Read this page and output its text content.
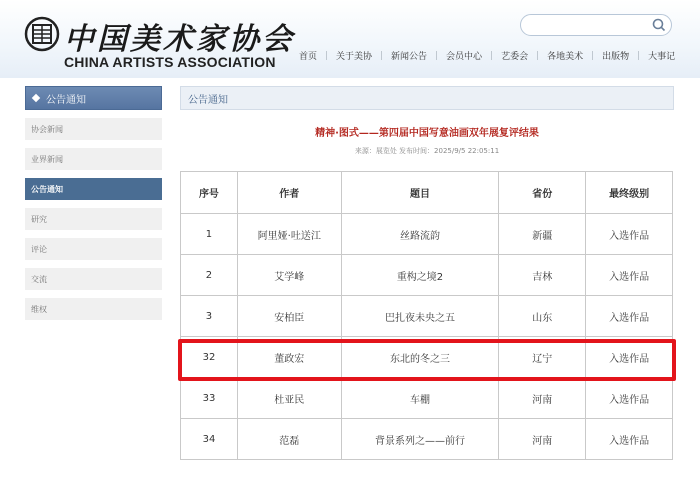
中国美术家协会
CHINA ARTISTS ASSOCIATION	首页	关于美协	新闻公告	会员中心	艺委会	各地美术	出版物	大事记
公告通知
协会新闻
业界新闻
公告通知
研究
评论
交流
维权
公告通知
精神·图式——第四届中国写意油画双年展复评结果
来源：展览处 发布时间：2025/9/5 22:05:11
序号	作者	题目	省份	最终级别
1	阿里娅·吐送江	丝路流韵	新疆	入选作品
2	艾学峰	重构之境2	吉林	入选作品
3	安柏臣	巴扎夜未央之五	山东	入选作品
32	董政宏	东北的冬之三	辽宁	入选作品
33	杜亚民	车棚	河南	入选作品
34	范磊	背景系列之——前行	河南	入选作品
